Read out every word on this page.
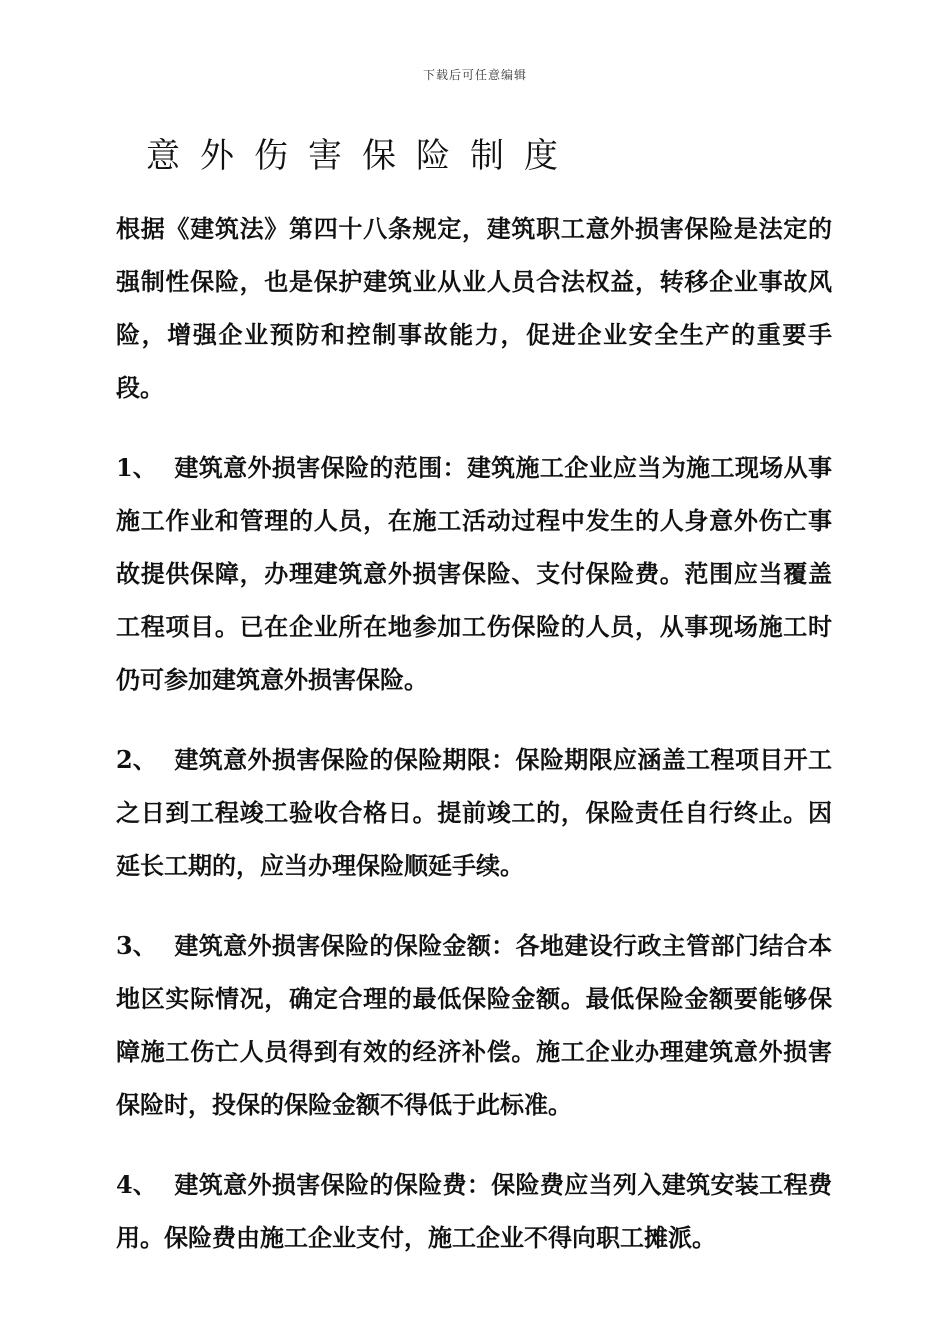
下载后可任意编辑
意外伤害保险制度

根据《建筑法》第四十八条规定，建筑职工意外损害保险是法定的强制性保险，也是保护建筑业从业人员合法权益，转移企业事故风险，增强企业预防和控制事故能力，促进企业安全生产的重要手段。

1、 建筑意外损害保险的范围：建筑施工企业应当为施工现场从事施工作业和管理的人员，在施工活动过程中发生的人身意外伤亡事故提供保障，办理建筑意外损害保险、支付保险费。范围应当覆盖工程项目。已在企业所在地参加工伤保险的人员，从事现场施工时仍可参加建筑意外损害保险。

2、 建筑意外损害保险的保险期限：保险期限应涵盖工程项目开工之日到工程竣工验收合格日。提前竣工的，保险责任自行终止。因延长工期的，应当办理保险顺延手续。

3、 建筑意外损害保险的保险金额：各地建设行政主管部门结合本地区实际情况，确定合理的最低保险金额。最低保险金额要能够保障施工伤亡人员得到有效的经济补偿。施工企业办理建筑意外损害保险时，投保的保险金额不得低于此标准。

4、 建筑意外损害保险的保险费：保险费应当列入建筑安装工程费用。保险费由施工企业支付，施工企业不得向职工摊派。
